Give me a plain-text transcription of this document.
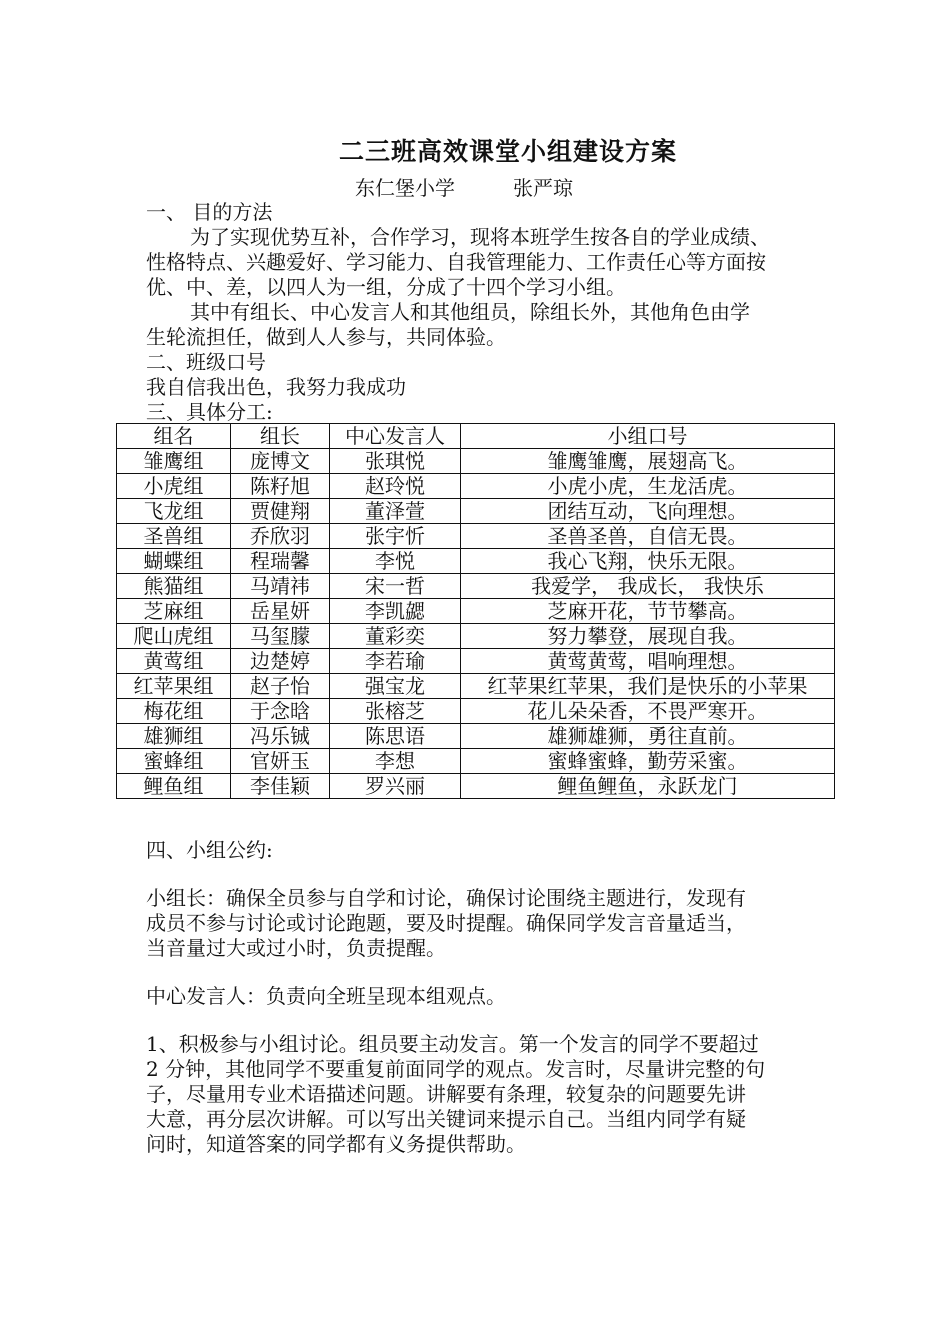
二三班高效课堂小组建设方案
东仁堡小学	张严琼
一、 目的方法
为了实现优势互补，合作学习，现将本班学生按各自的学业成绩、
性格特点、兴趣爱好、学习能力、自我管理能力、工作责任心等方面按
优、中、差，以四人为一组，分成了十四个学习小组。
其中有组长、中心发言人和其他组员，除组长外，其他角色由学
生轮流担任，做到人人参与，共同体验。
二、班级口号
我自信我出色，我努力我成功
三、具体分工:
组名	组长	中心发言人	小组口号
雏鹰组	庞博文	张琪悦	雏鹰雏鹰，展翅高飞。
小虎组	陈籽旭	赵玲悦	小虎小虎，生龙活虎。
飞龙组	贾健翔	董泽萱	团结互动，飞向理想。
圣兽组	乔欣羽	张宇忻	圣兽圣兽，自信无畏。
蝴蝶组	程瑞馨	李悦	我心飞翔，快乐无限。
熊猫组	马靖祎	宋一哲	我爱学， 我成长， 我快乐
芝麻组	岳星妍	李凯勰	芝麻开花，节节攀高。
爬山虎组	马玺朦	董彩奕	努力攀登，展现自我。
黄莺组	边楚婷	李若瑜	黄莺黄莺，唱响理想。
红苹果组	赵子怡	强宝龙	红苹果红苹果，我们是快乐的小苹果
梅花组	于念晗	张榕芝	花儿朵朵香，不畏严寒开。
雄狮组	冯乐铖	陈思语	雄狮雄狮，勇往直前。
蜜蜂组	官妍玉	李想	蜜蜂蜜蜂，勤劳采蜜。
鲤鱼组	李佳颖	罗兴丽	鲤鱼鲤鱼，永跃龙门
四、小组公约:
小组长：确保全员参与自学和讨论，确保讨论围绕主题进行，发现有
成员不参与讨论或讨论跑题，要及时提醒。确保同学发言音量适当，
当音量过大或过小时，负责提醒。
中心发言人：负责向全班呈现本组观点。
1、积极参与小组讨论。组员要主动发言。第一个发言的同学不要超过
2 分钟，其他同学不要重复前面同学的观点。发言时，尽量讲完整的句
子，尽量用专业术语描述问题。讲解要有条理，较复杂的问题要先讲
大意，再分层次讲解。可以写出关键词来提示自己。当组内同学有疑
问时，知道答案的同学都有义务提供帮助。
